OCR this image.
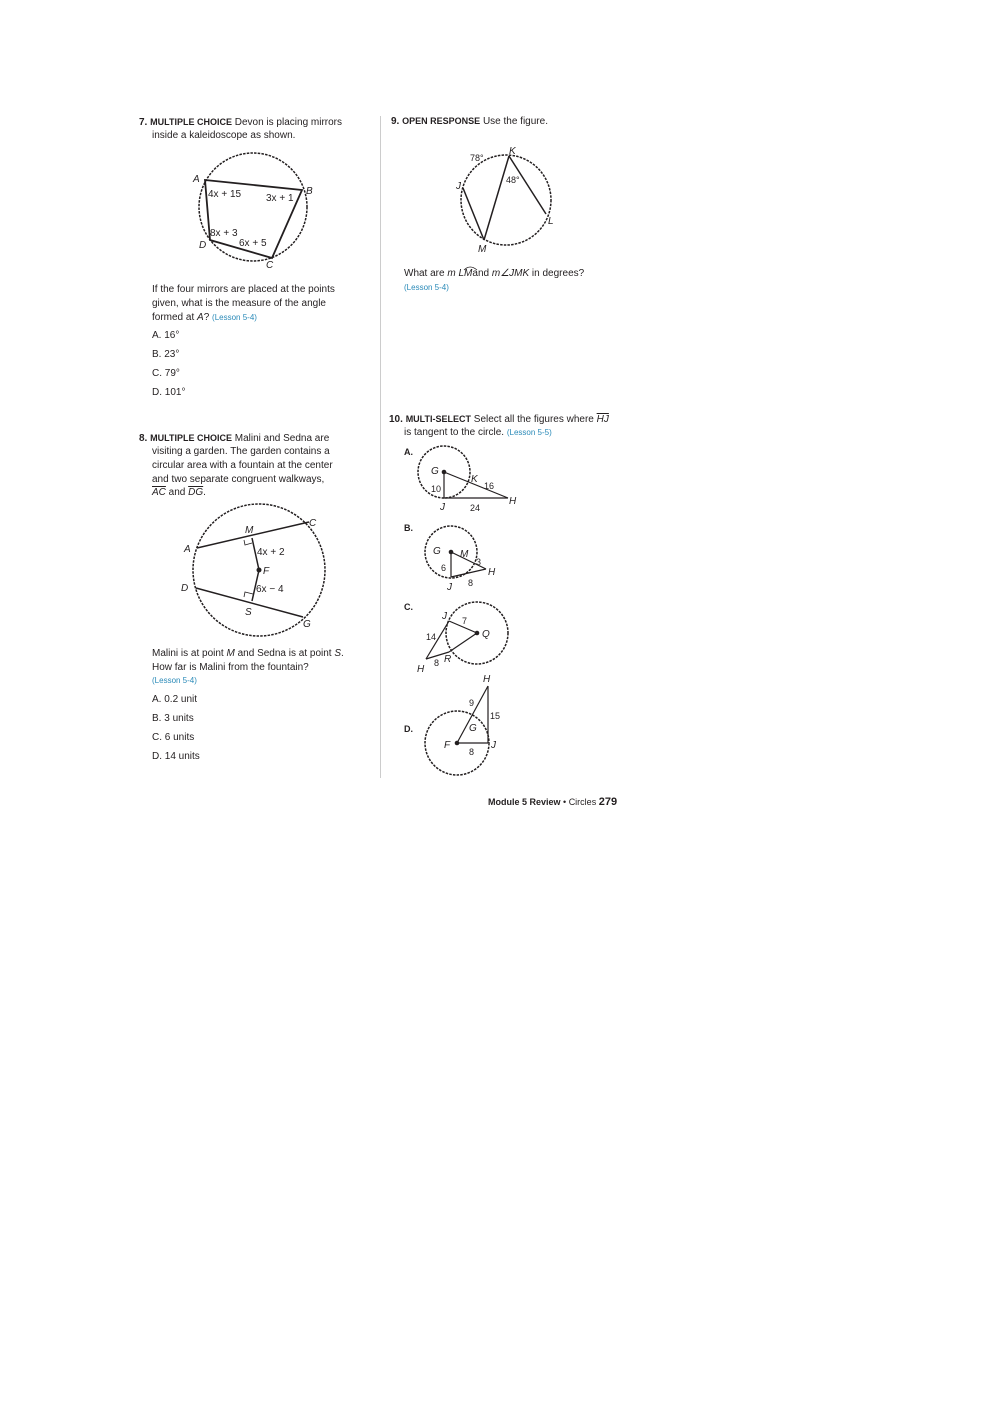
7. MULTIPLE CHOICE Devon is placing mirrors
inside a kaleidoscope as shown.
A
B
C
D
4x + 15 3x + 1
8x + 3
6x + 5
If the four mirrors are placed at the points
given, what is the measure of the angle
formed at A? (Lesson 5-4)
A. 16°
B. 23°
C. 79°
D. 101°
8. MULTIPLE CHOICE Malini and Sedna are
visiting a garden. The garden contains a
circular area with a fountain at the center
and two separate congruent walkways,
$\overline{AC}$ and $\overline{DG}$.
M
C
A
F
D
S
G
4x + 2
6x − 4
Malini is at point M and Sedna is at point S.
How far is Malini from the fountain?
(Lesson 5-4)
A. 0.2 unit
B. 3 units
C. 6 units
D. 14 units
9. OPEN RESPONSE Use the figure.
K
78°
48°
J
L
M
What are m LMand m∠JMK in degrees?
(Lesson 5-4)
10. MULTI-SELECT Select all the figures where $\overline{HJ}$
is tangent to the circle. (Lesson 5-5)
A.
B.
C.
D.
G
K
10	16
H
J	24
G M
3
6	H
J 8
J 7
14	Q
R
8
H
H
9
15
G
F	J
8
Module 5 Review • Circles 279
